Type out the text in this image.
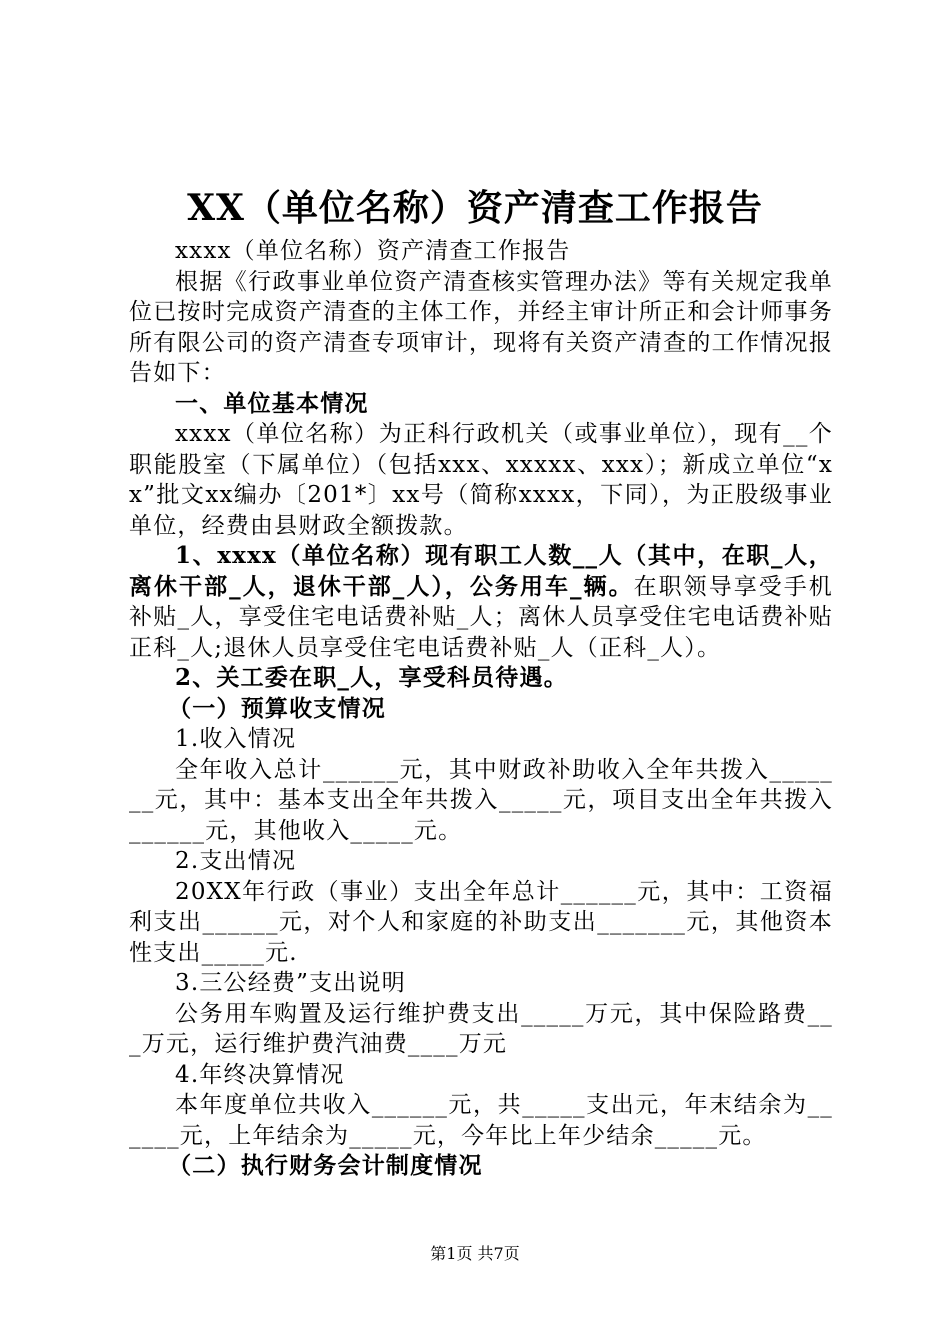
XX（单位名称）资产清查工作报告

xxxx（单位名称）资产清查工作报告

根据《行政事业单位资产清查核实管理办法》等有关规定我单位已按时完成资产清查的主体工作，并经主审计所正和会计师事务所有限公司的资产清查专项审计，现将有关资产清查的工作情况报告如下：

一、单位基本情况

xxxx（单位名称）为正科行政机关（或事业单位），现有__个职能股室（下属单位）（包括xxx、xxxxx、xxx）；新成立单位“xx”批文xx编办〔201*〕xx号（简称xxxx，下同），为正股级事业单位，经费由县财政全额拨款。

1、xxxx（单位名称）现有职工人数__人（其中，在职_人，离休干部_人，退休干部_人），公务用车_辆。在职领导享受手机补贴_人，享受住宅电话费补贴_人；离休人员享受住宅电话费补贴正科_人;退休人员享受住宅电话费补贴_人（正科_人）。

2、关工委在职_人，享受科员待遇。

（一）预算收支情况

1.收入情况

全年收入总计______元，其中财政补助收入全年共拨入_______元，其中：基本支出全年共拨入_____元，项目支出全年共拨入______元，其他收入_____元。

2.支出情况

20XX年行政（事业）支出全年总计______元，其中：工资福利支出______元，对个人和家庭的补助支出_______元，其他资本性支出_____元.

3.三公经费”支出说明

公务用车购置及运行维护费支出_____万元，其中保险路费___万元，运行维护费汽油费____万元

4.年终决算情况

本年度单位共收入______元，共_____支出元，年末结余为______元，上年结余为_____元，今年比上年少结余_____元。

（二）执行财务会计制度情况

第1页 共7页
